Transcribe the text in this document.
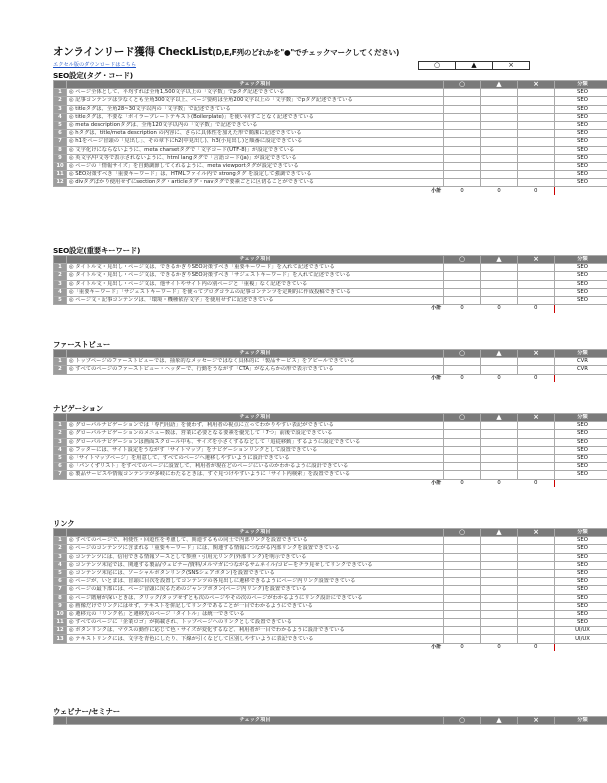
オンラインリード獲得 CheckList(D,E,F列のどれかを"●"でチェックマークしてください)
エクセル版のダウンロードはこちら	○	▲	×
SEO設定(タグ・コード)
	チェック項目	○	▲	×	分類
1	◎ ページ全体として、平均すれば全角1,500文字以上の「文字数」でpタグ記述できている				SEO
2	◎ 記事コンテンツは少なくとも全角300文字以上、ページ要約は全角200文字以上の「文字数」でpタグ記述できている				SEO
3	◎ titleタグは、全角28~30文字以内の「文字数」で記述できている				SEO
4	◎ titleタグは、不要な「ボイラープレートテキスト(Boilerplate)」を使い回すことなく記述できている				SEO
5	◎ meta descriptionタグは、全角120文字以内の「文字数」で記述できている				SEO
6	◎ hタグは、title/meta description の内容に、さらに具体性を加えた形で簡潔に記述できている				SEO
7	◎ h1をページ冒頭の「見出し」、その章下にh2(中見出し)、h3(小見出し)と順番に設定できている				SEO
8	◎ 文字化けにならないように、meta charsetタグで「文字コード(UTF-8)」が設定できている				SEO
9	◎ 英文字/中文等で表示されないように、html langタグで「言語コード(ja)」が設定できている				SEO
10	◎ ページの「情報サイズ」を自動調節してくれるように、meta viewportタグが設定できている				SEO
11	◎ SEO対策すべき「重要キーワード」は、HTMLファイル内で strongタグ を設定して強調できている				SEO
12	◎ divタグばかり使用せずにsectionタグ・articleタグ・navタグで要素ごとに区切ることができている				SEO
	小計	0	0	0	
SEO設定(重要キーワード)
	チェック項目	○	▲	×	分類
1	◎ タイトル文・見出し・ページ文は、できるかぎりSEO対策すべき「重要キーワード」を入れて記述できている				SEO
2	◎ タイトル文・見出し・ページ文は、できるかぎりSEO対策すべき「サジェストキーワード」を入れて記述できている				SEO
3	◎ タイトル文・見出し・ページ文は、他サイトやサイト内の別ページと「重複」なく記述できている				SEO
4	◎「重要キーワード」「サジェストキーワード」を使ってブログコラムの記事コンテンツを定期的に作成投稿できている				SEO
5	◎ ページ文・記事コンテンツは、「環境・機種依存文字」を使用せずに記述できている				SEO
	小計	0	0	0	
ファーストビュー
	チェック項目	○	▲	×	分類
1	◎ トップページのファーストビューでは、抽象的なメッセージではなく具体的に「製品サービス」をアピールできている				CVR
2	◎ すべてのページのファーストビュー・ヘッダーで、行動をうながす「CTA」がなんらかの形で表示できている				CVR
	小計	0	0	0	
ナビゲーション
	チェック項目	○	▲	×	分類
1	◎ グローバルナビゲーションでは「専門用語」を使わず、利用者の視点に立ってわかりやすい表記ができている				SEO
2	◎ グローバルナビゲーションのメニュー数は、営業に必要となる要素を優先して「7つ」前後で設定できている				SEO
3	◎ グローバルナビゲーションは画面スクロール中も、サイズを小さくするなどして「追従移動」するように設定できている				SEO
4	◎ フッターには、サイト設定をうながす「サイトマップ」をナビゲーションリンクとして設置できている				SEO
5	◎「サイトマップページ」を用意して、すべてのページへ遷移しやすいように設計できている				SEO
6	◎「パンくずリスト」をすべてのページに設置して、利用者が現在どのページにいるのかわかるように設計できている				SEO
7	◎ 製品サービスや情報コンテンツが多岐にわたるときは、すぐ見つけやすいように「サイト内検索」を設置できている				SEO
	小計	0	0	0	
リンク
	チェック項目	○	▲	×	分類
1	◎ すべてのページで、利便性・回遊性を考慮して、関連するもの同士で内部リンクを設置できている				SEO
2	◎ ページのコンテンツに含まれる「重要キーワード」には、関連する情報につながる内部リンクを設置できている				SEO
3	◎ コンテンツには、信用できる情報ソースとして参照・引用元リンク(外部リンク)を明示できている				SEO
4	◎ コンテンツ末尾では、関連する製品/ウェビナー/資料/メルマガにつながるサムネイル/コピーをチラ見せしてリンクできている				SEO
5	◎ コンテンツ末尾には、ソーシャルボタンリンク(SNSシェアボタン)を設置できている				SEO
6	◎ ページが、いとまは、冒頭に目次を設置してコンテンツの各見出しに遷移できるようにページ内リンク設置できている				SEO
7	◎ ページの最下部には、ページ冒頭に戻るためのジャンプボタン(ページ内リンク)を設置できている				SEO
8	◎ ページ階層が深いときは、クリック/タップせずとも次のページやその次のページがわかるようにリンク設計にできている				SEO
9	◎ 画像だけでリンクにはせず、テキストを併記してリンクであることが一目でわかるようにできている				SEO
10	◎ 遷移元の「リンク名」と遷移先のページ「タイトル」は統一できている				SEO
11	◎ すべてのページに「企業ロゴ」が掲載され、トップページへのリンクとして設置できている				SEO
12	◎ ボタンリンクは、マウスの動作に応じて色・サイズが変化するなど、利用者が一目でわかるように設計できている				UI/UX
13	◎ テキストリンクには、文字を青色にしたり、下線が引くなどして区別しやすいように表記できている				UI/UX
	小計	0	0	0	
ウェビナー/セミナー
	チェック項目	○	▲	×	分類
